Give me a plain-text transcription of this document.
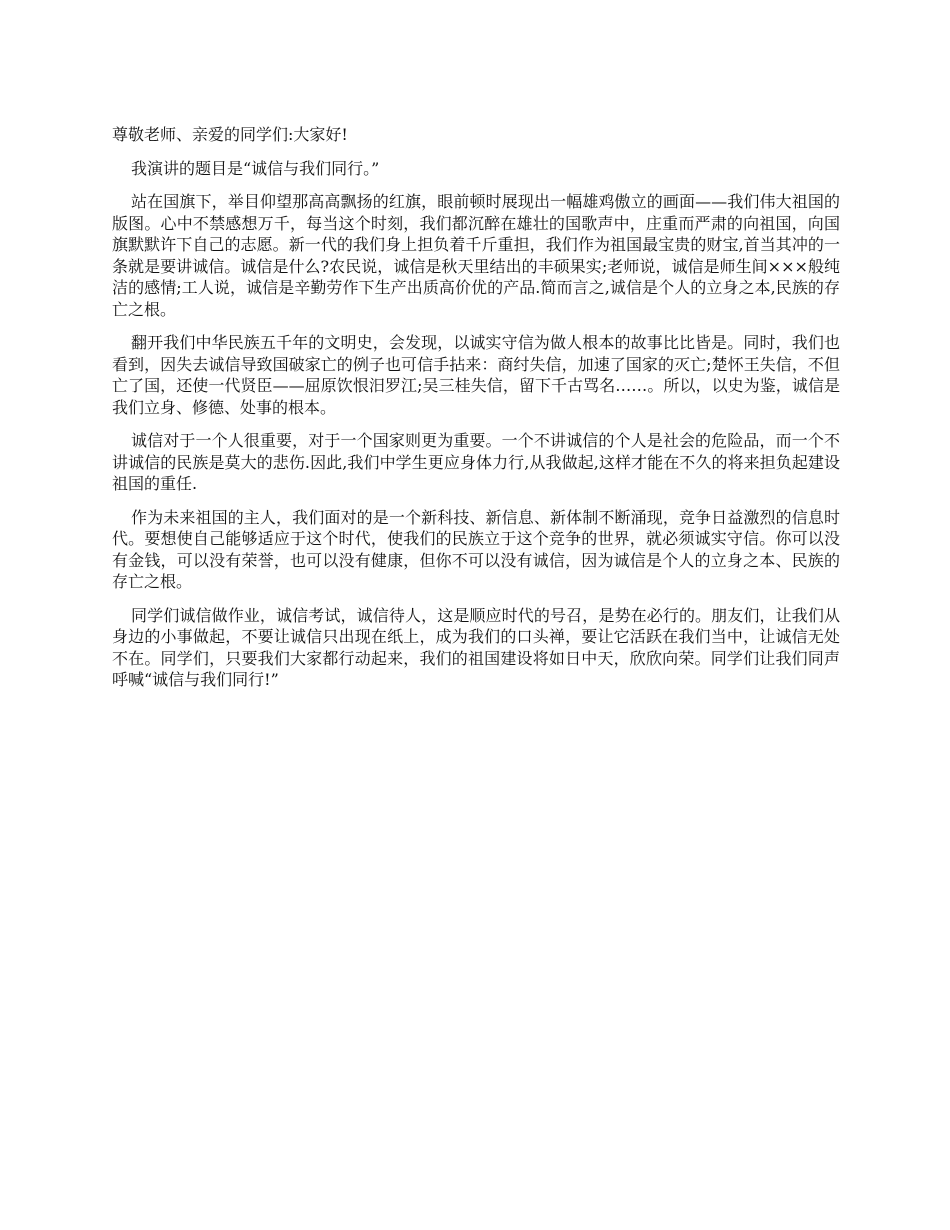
尊敬老师、亲爱的同学们:大家好!

我演讲的题目是“诚信与我们同行。”

站在国旗下，举目仰望那高高飘扬的红旗，眼前顿时展现出一幅雄鸡傲立的画面——我们伟大祖国的版图。心中不禁感想万千，每当这个时刻，我们都沉醉在雄壮的国歌声中，庄重而严肃的向祖国，向国旗默默许下自己的志愿。新一代的我们身上担负着千斤重担，我们作为祖国最宝贵的财宝,首当其冲的一条就是要讲诚信。诚信是什么?农民说，诚信是秋天里结出的丰硕果实;老师说，诚信是师生间×××般纯洁的感情;工人说，诚信是辛勤劳作下生产出质高价优的产品.简而言之,诚信是个人的立身之本,民族的存亡之根。

翻开我们中华民族五千年的文明史，会发现，以诚实守信为做人根本的故事比比皆是。同时，我们也看到，因失去诚信导致国破家亡的例子也可信手拈来：商纣失信，加速了国家的灭亡;楚怀王失信，不但亡了国，还使一代贤臣——屈原饮恨汨罗江;吴三桂失信，留下千古骂名……。所以，以史为鉴，诚信是我们立身、修德、处事的根本。

诚信对于一个人很重要，对于一个国家则更为重要。一个不讲诚信的个人是社会的危险品，而一个不讲诚信的民族是莫大的悲伤.因此,我们中学生更应身体力行,从我做起,这样才能在不久的将来担负起建设祖国的重任.

作为未来祖国的主人，我们面对的是一个新科技、新信息、新体制不断涌现，竞争日益激烈的信息时代。要想使自己能够适应于这个时代，使我们的民族立于这个竞争的世界，就必须诚实守信。你可以没有金钱，可以没有荣誉，也可以没有健康，但你不可以没有诚信，因为诚信是个人的立身之本、民族的存亡之根。

同学们诚信做作业，诚信考试，诚信待人，这是顺应时代的号召，是势在必行的。朋友们，让我们从身边的小事做起，不要让诚信只出现在纸上，成为我们的口头禅，要让它活跃在我们当中，让诚信无处不在。同学们，只要我们大家都行动起来，我们的祖国建设将如日中天，欣欣向荣。同学们让我们同声呼喊“诚信与我们同行!”
